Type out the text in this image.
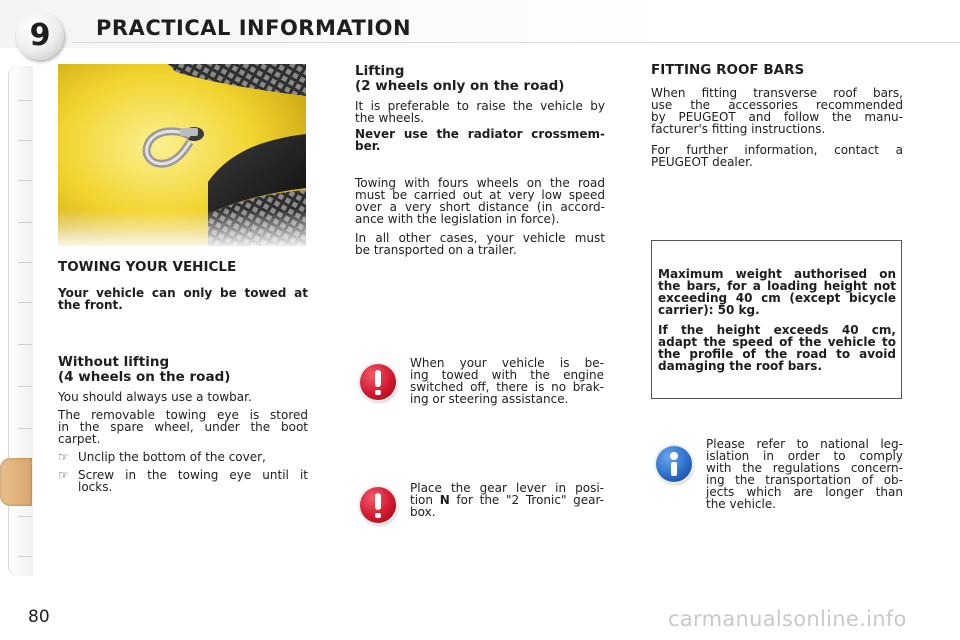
9	PRACTICAL INFORMATION
TOWING YOUR VEHICLE
Your vehicle can only be towed at
the front.
Without lifting
(4 wheels on the road)
You should always use a towbar.
The removable towing eye is stored
in the spare wheel, under the boot
carpet.
☞ Unclip the bottom of the cover,
☞ Screw in the towing eye until it
locks.
Lifting
(2 wheels only on the road)
It is preferable to raise the vehicle by
the wheels.
Never use the radiator crossmem-
ber.
Towing with fours wheels on the road
must be carried out at very low speed
over a very short distance (in accord-
ance with the legislation in force).
In all other cases, your vehicle must
be transported on a trailer.
When your vehicle is be-
ing towed with the engine
switched off, there is no brak-
ing or steering assistance.
Place the gear lever in posi-
tion N for the "2 Tronic" gear-
box.
FITTING ROOF BARS
When fitting transverse roof bars,
use the accessories recommended
by PEUGEOT and follow the manu-
facturer's fitting instructions.
For further information, contact a
PEUGEOT dealer.
Maximum weight authorised on
the bars, for a loading height not
exceeding 40 cm (except bicycle
carrier): 50 kg.
If the height exceeds 40 cm,
adapt the speed of the vehicle to
the profile of the road to avoid
damaging the roof bars.
Please refer to national leg-
islation in order to comply
with the regulations concern-
ing the transportation of ob-
jects which are longer than
the vehicle.
80	carmanualsonline.info
